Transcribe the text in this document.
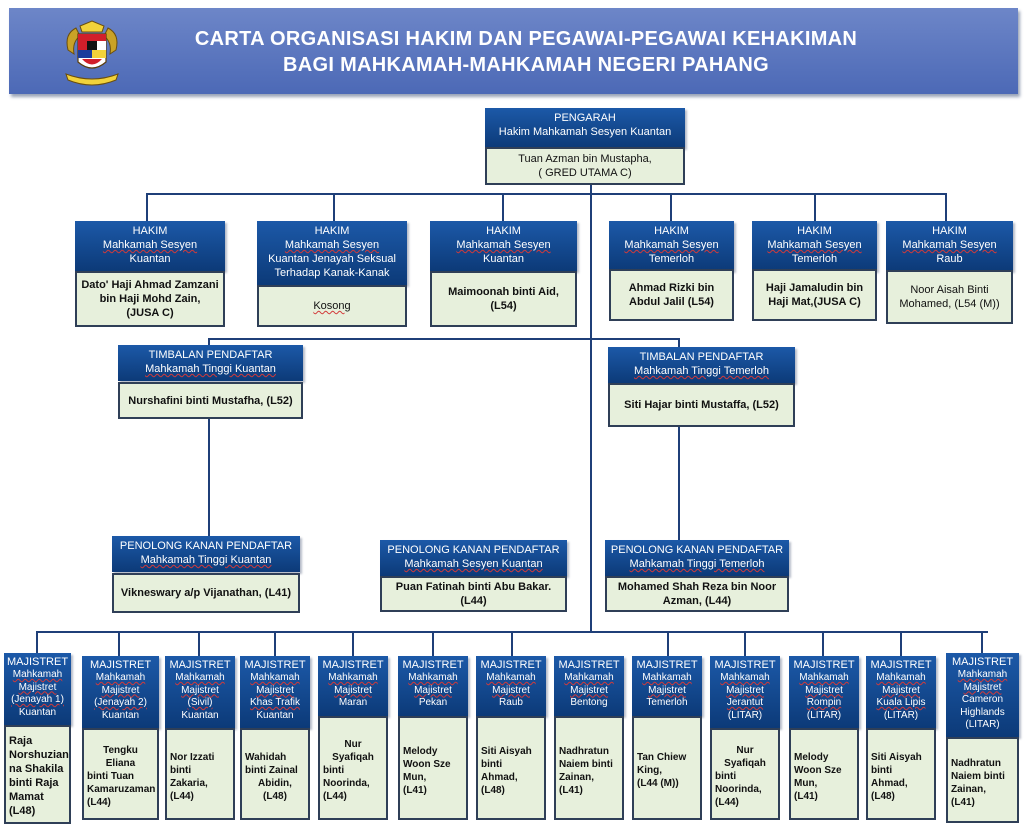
CARTA ORGANISASI HAKIM DAN PEGAWAI-PEGAWAI KEHAKIMAN
BAGI MAHKAMAH-MAHKAMAH NEGERI PAHANG
PENGARAH
Hakim Mahkamah Sesyen Kuantan
Tuan Azman bin Mustapha,
( GRED UTAMA C)
HAKIM
Mahkamah Sesyen
Kuantan
Dato' Haji Ahmad Zamzani bin Haji Mohd Zain,
(JUSA C)
HAKIM
Mahkamah Sesyen
Kuantan Jenayah Seksual Terhadap Kanak-Kanak
Kosong
HAKIM
Mahkamah Sesyen
Kuantan
Maimoonah binti Aid,
(L54)
HAKIM
Mahkamah Sesyen
Temerloh
Ahmad Rizki bin Abdul Jalil (L54)
HAKIM
Mahkamah Sesyen
Temerloh
Haji Jamaludin bin Haji Mat,(JUSA C)
HAKIM
Mahkamah Sesyen
Raub
Noor Aisah Binti Mohamed, (L54 (M))
TIMBALAN PENDAFTAR
Mahkamah Tinggi Kuantan
Nurshafini binti Mustafha, (L52)
TIMBALAN PENDAFTAR
Mahkamah Tinggi Temerloh
Siti Hajar binti Mustaffa, (L52)
PENOLONG KANAN PENDAFTAR
Mahkamah Tinggi Kuantan
Vikneswary a/p Vijanathan, (L41)
PENOLONG KANAN PENDAFTAR
Mahkamah Sesyen Kuantan
Puan Fatinah binti Abu Bakar.
(L44)
PENOLONG KANAN PENDAFTAR
Mahkamah Tinggi Temerloh
Mohamed Shah Reza bin Noor
Azman, (L44)
MAJISTRET
Mahkamah
Majistret
(Jenayah 1)
Kuantan
Raja
Norshuzian
na Shakila
binti Raja
Mamat
(L48)
MAJISTRET
Mahkamah
Majistret
(Jenayah 2)
Kuantan
Tengku Eliana
binti Tuan
Kamaruzaman
(L44)
MAJISTRET
Mahkamah
Majistret
(Sivil)
Kuantan
Nor Izzati
binti
Zakaria,
(L44)
MAJISTRET
Mahkamah
Majistret
Khas Trafik
Kuantan
Wahidah
binti Zainal
Abidin, (L48)
MAJISTRET
Mahkamah
Majistret
Maran
Nur Syafiqah
binti
Noorinda,
(L44)
MAJISTRET
Mahkamah
Majistret
Pekan
Melody
Woon Sze
Mun,
(L41)
MAJISTRET
Mahkamah
Majistret
Raub
Siti Aisyah
binti
Ahmad,
(L48)
MAJISTRET
Mahkamah
Majistret
Bentong
Nadhratun
Naiem binti
Zainan,
(L41)
MAJISTRET
Mahkamah
Majistret
Temerloh
Tan Chiew
King,
(L44 (M))
MAJISTRET
Mahkamah
Majistret
Jerantut
(LITAR)
Nur Syafiqah
binti
Noorinda,
(L44)
MAJISTRET
Mahkamah
Majistret
Rompin
(LITAR)
Melody
Woon Sze
Mun,
(L41)
MAJISTRET
Mahkamah
Majistret
Kuala Lipis
(LITAR)
Siti Aisyah
binti
Ahmad,
(L48)
MAJISTRET
Mahkamah
Majistret
Cameron
Highlands
(LITAR)
Nadhratun
Naiem binti
Zainan,
(L41)
